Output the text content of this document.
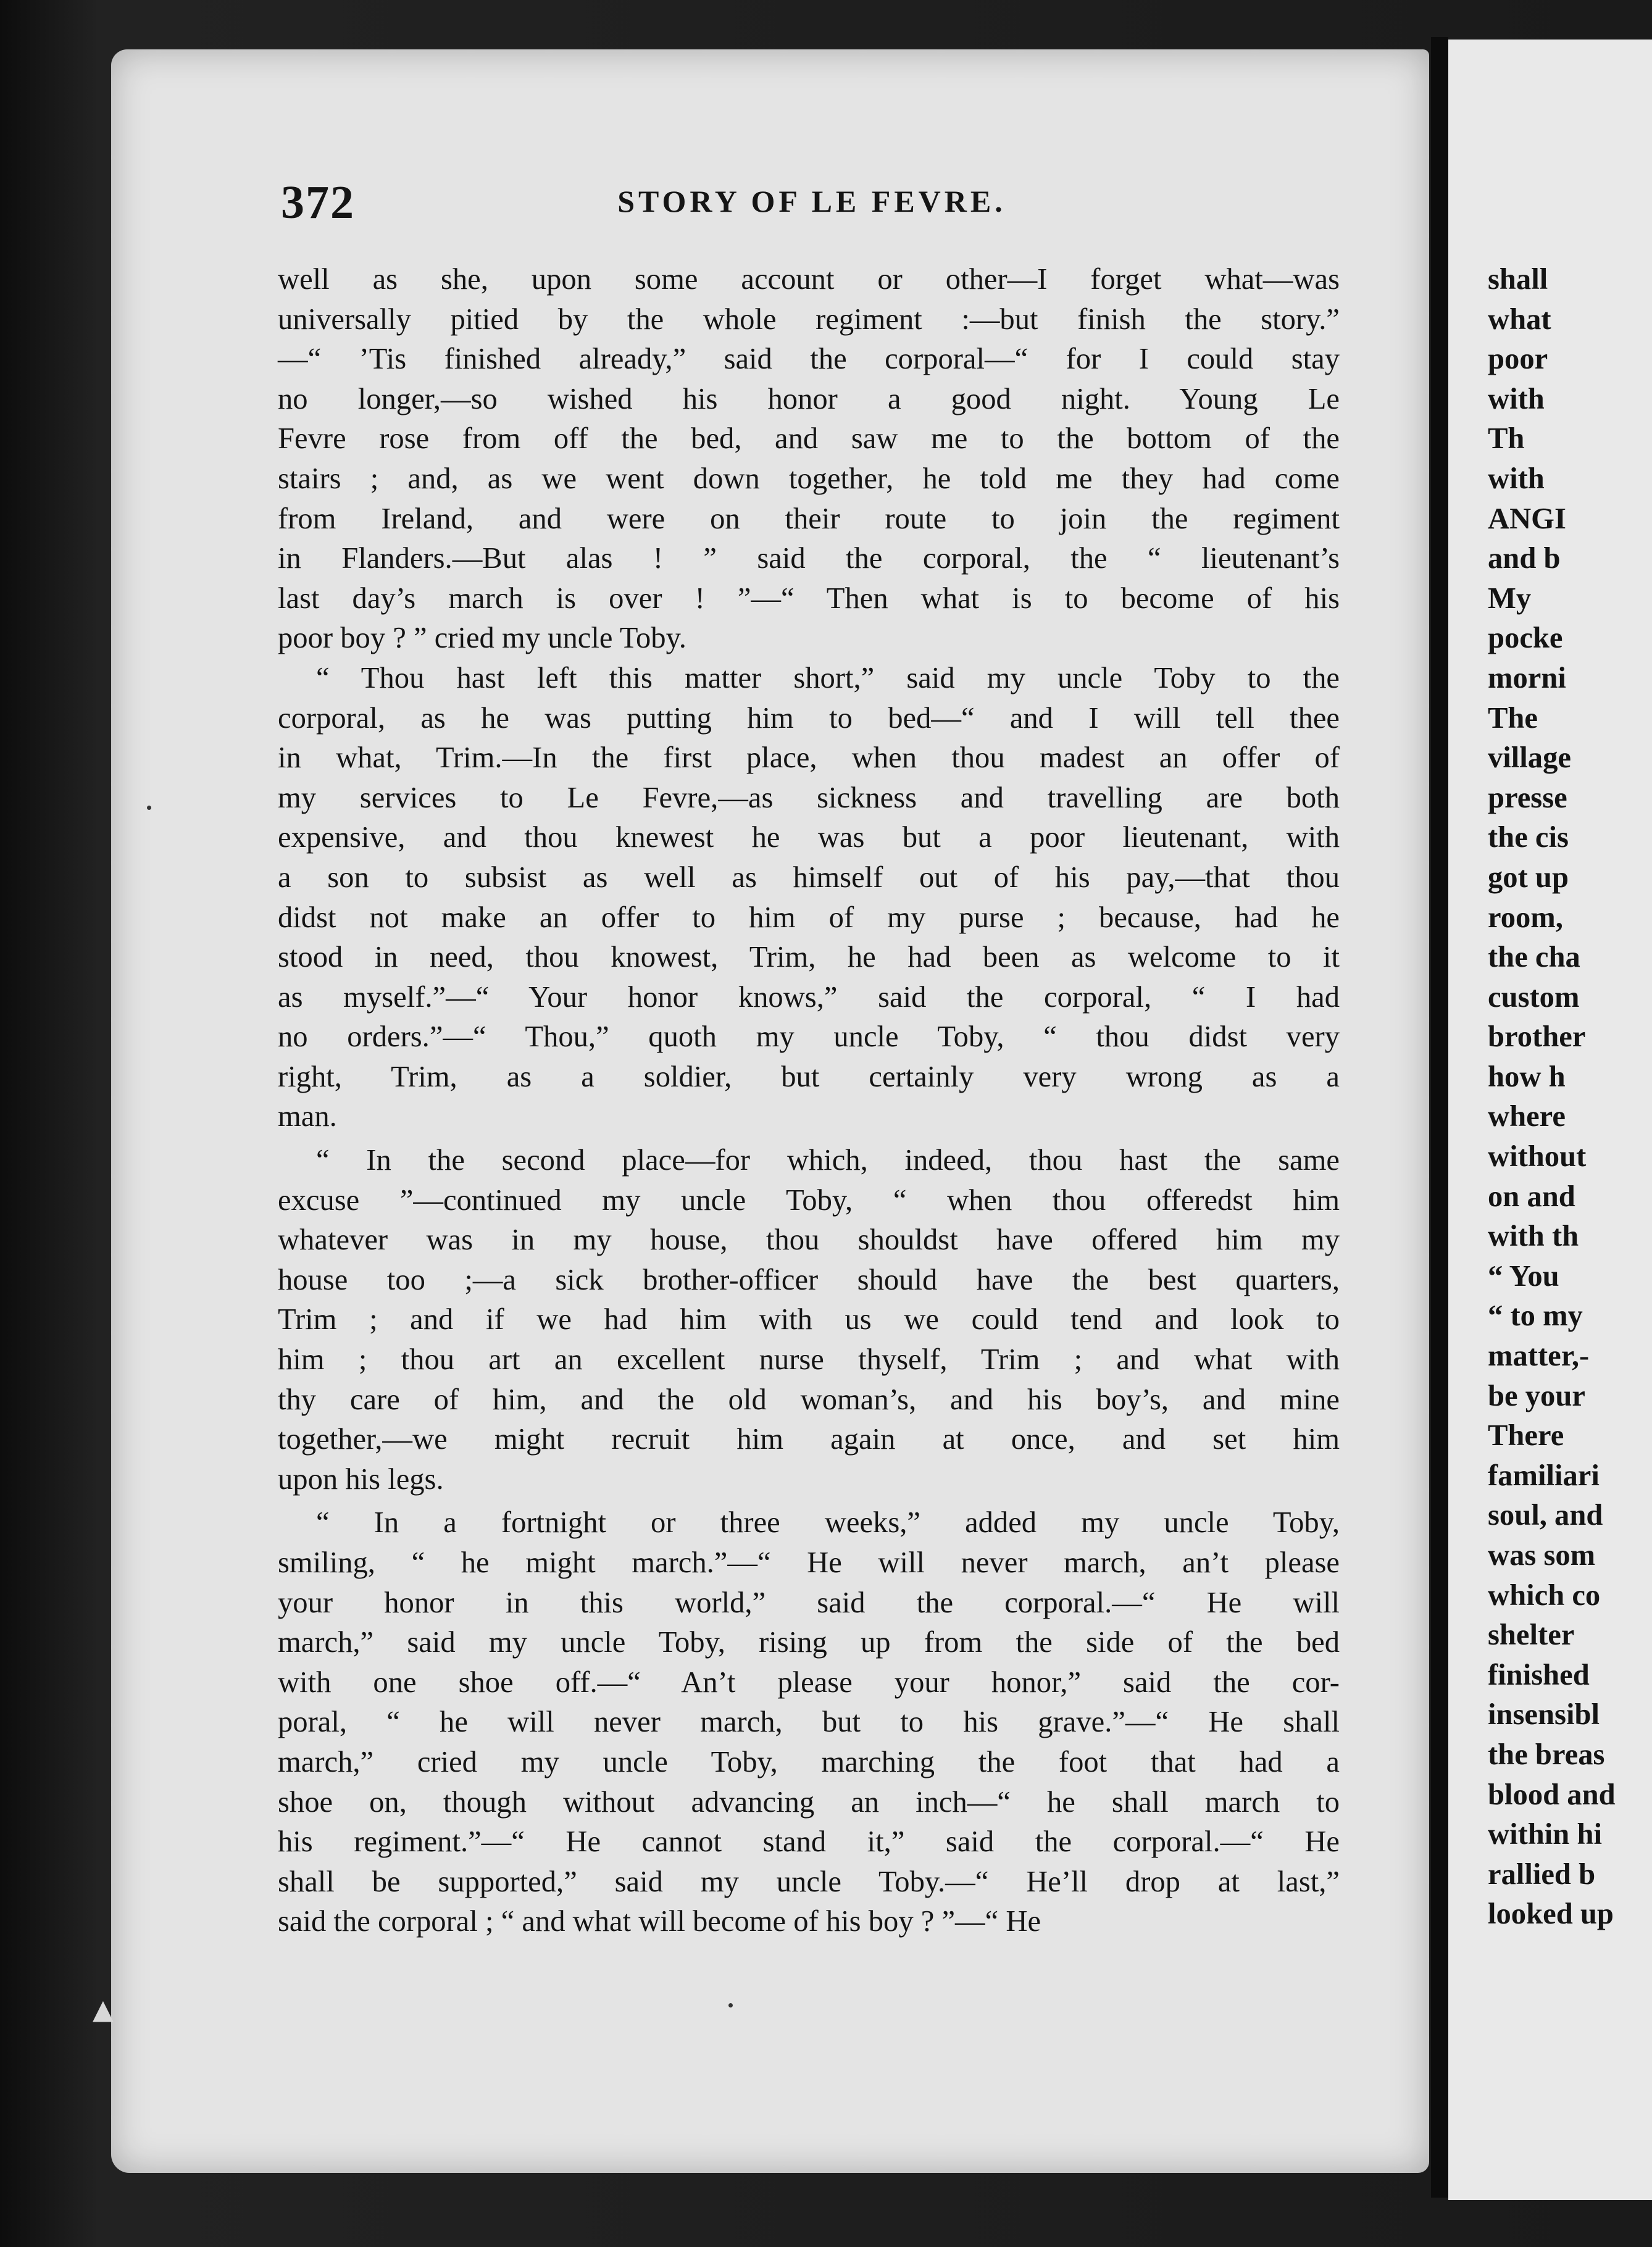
372	STORY OF LE FEVRE.
well as she, upon some account or other—I forget what—was
universally pitied by the whole regiment :—but finish the story.”
—“ ’Tis finished already,” said the corporal—“ for I could stay
no longer,—so wished his honor a good night. Young Le
Fevre rose from off the bed, and saw me to the bottom of the
stairs ; and, as we went down together, he told me they had come
from Ireland, and were on their route to join the regiment
in Flanders.—But alas ! ” said the corporal, the “ lieutenant’s
last day’s march is over ! ”—“ Then what is to become of his
poor boy ? ” cried my uncle Toby.
“ Thou hast left this matter short,” said my uncle Toby to the
corporal, as he was putting him to bed—“ and I will tell thee
in what, Trim.—In the first place, when thou madest an offer of
my services to Le Fevre,—as sickness and travelling are both
expensive, and thou knewest he was but a poor lieutenant, with
a son to subsist as well as himself out of his pay,—that thou
didst not make an offer to him of my purse ; because, had he
stood in need, thou knowest, Trim, he had been as welcome to it
as myself.”—“ Your honor knows,” said the corporal, “ I had
no orders.”—“ Thou,” quoth my uncle Toby, “ thou didst very
right, Trim, as a soldier, but certainly very wrong as a
man.
“ In the second place—for which, indeed, thou hast the same
excuse ”—continued my uncle Toby, “ when thou offeredst him
whatever was in my house, thou shouldst have offered him my
house too ;—a sick brother-officer should have the best quarters,
Trim ; and if we had him with us we could tend and look to
him ; thou art an excellent nurse thyself, Trim ; and what with
thy care of him, and the old woman’s, and his boy’s, and mine
together,—we might recruit him again at once, and set him
upon his legs.
“ In a fortnight or three weeks,” added my uncle Toby,
smiling, “ he might march.”—“ He will never march, an’t please
your honor in this world,” said the corporal.—“ He will
march,” said my uncle Toby, rising up from the side of the bed
with one shoe off.—“ An’t please your honor,” said the cor-
poral, “ he will never march, but to his grave.”—“ He shall
march,” cried my uncle Toby, marching the foot that had a
shoe on, though without advancing an inch—“ he shall march to
his regiment.”—“ He cannot stand it,” said the corporal.—“ He
shall be supported,” said my uncle Toby.—“ He’ll drop at last,”
said the corporal ; “ and what will become of his boy ? ”—“ He
shall
what
poor
with
Th
with
ANGI
and b
My
pocke
morni
The
village
presse
the cis
got up
room,
the cha
custom
brother
how h
where
without
on and
with th
“ You
“ to my
matter,-
be your
There
familiari
soul, and
was som
which co
shelter
finished
insensibl
the breas
blood and
within hi
rallied b
looked up
▲
